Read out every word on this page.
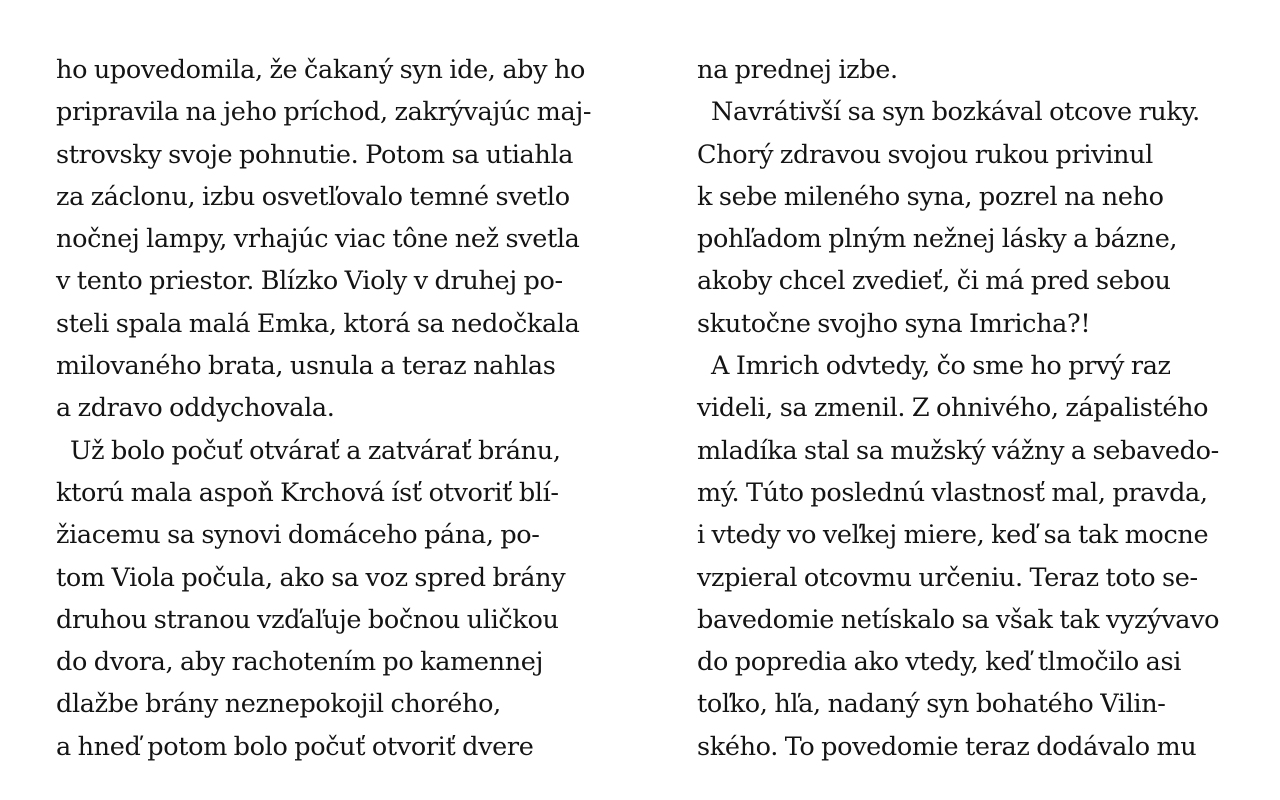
ho upovedomila, že čakaný syn ide, aby ho
pripravila na jeho príchod, zakrývajúc maj-
strovsky svoje pohnutie. Potom sa utiahla
za záclonu, izbu osvetľovalo temné svetlo
nočnej lampy, vrhajúc viac tône než svetla
v tento priestor. Blízko Violy v druhej po-
steli spala malá Emka, ktorá sa nedočkala
milovaného brata, usnula a teraz nahlas
a zdravo oddychovala.
Už bolo počuť otvárať a zatvárať bránu,
ktorú mala aspoň Krchová ísť otvoriť blí-
žiacemu sa synovi domáceho pána, po-
tom Viola počula, ako sa voz spred brány
druhou stranou vzďaľuje bočnou uličkou
do dvora, aby rachotením po kamennej
dlažbe brány neznepokojil chorého,
a hneď potom bolo počuť otvoriť dvere
na prednej izbe.
Navrátivší sa syn bozkával otcove ruky.
Chorý zdravou svojou rukou privinul
k sebe mileného syna, pozrel na neho
pohľadom plným nežnej lásky a bázne,
akoby chcel zvedieť, či má pred sebou
skutočne svojho syna Imricha?!
A Imrich odvtedy, čo sme ho prvý raz
videli, sa zmenil. Z ohnivého, zápalistého
mladíka stal sa mužský vážny a sebavedo-
mý. Túto poslednú vlastnosť mal, pravda,
i vtedy vo veľkej miere, keď sa tak mocne
vzpieral otcovmu určeniu. Teraz toto se-
bavedomie netískalo sa však tak vyzývavo
do popredia ako vtedy, keď tlmočilo asi
toľko, hľa, nadaný syn bohatého Vilin-
ského. To povedomie teraz dodávalo mu
